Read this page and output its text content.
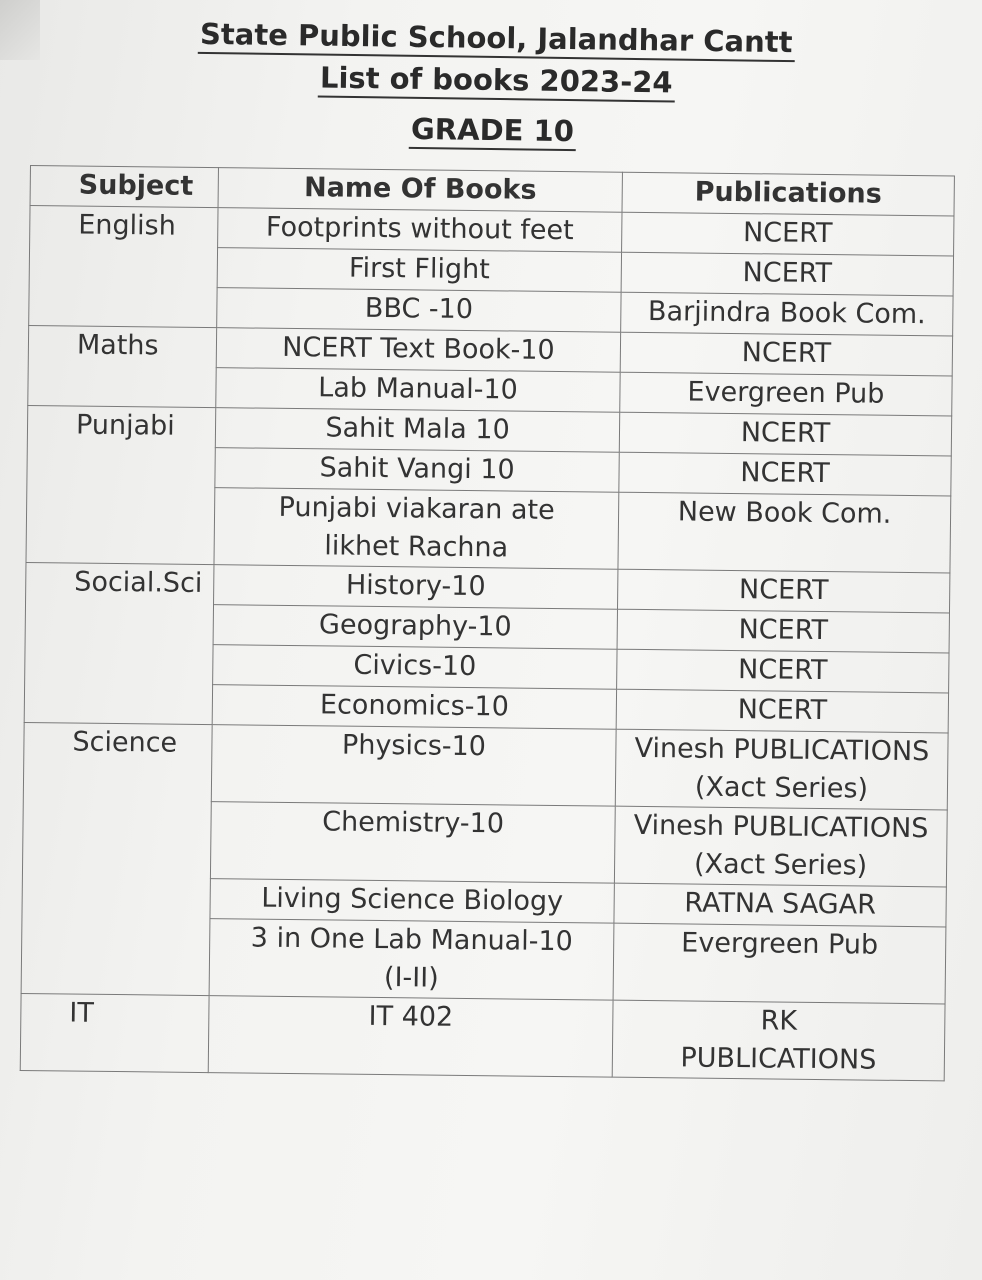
State Public School, Jalandhar Cantt
List of books 2023-24
GRADE 10
Subject	Name Of Books	Publications
English	Footprints without feet	NCERT

	First Flight	NCERT

	BBC -10	Barjindra Book Com.

Maths	NCERT Text Book-10	NCERT

	Lab Manual-10	Evergreen Pub

Punjabi	Sahit Mala 10	NCERT

	Sahit Vangi 10	NCERT

	Punjabi viakaran ate
likhet Rachna	New Book Com.

Social.Sci	History-10	NCERT

	Geography-10	NCERT

	Civics-10	NCERT

	Economics-10	NCERT

Science	Physics-10	Vinesh PUBLICATIONS
(Xact Series)

	Chemistry-10	Vinesh PUBLICATIONS
(Xact Series)

	Living Science Biology	RATNA SAGAR

	3 in One Lab Manual-10
(I-II)	Evergreen Pub

IT	IT 402	RK
PUBLICATIONS
